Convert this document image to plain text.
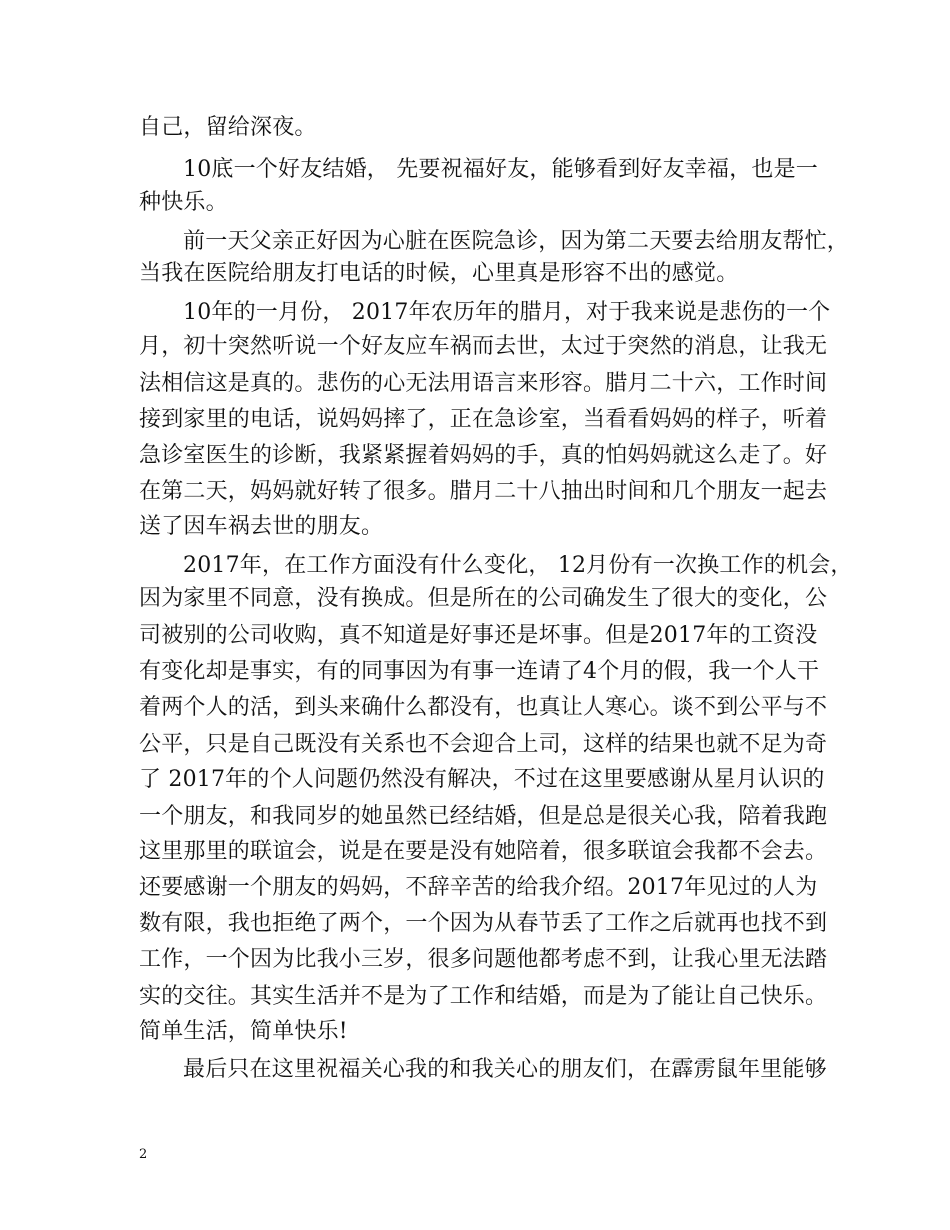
自己，留给深夜。
10底一个好友结婚， 先要祝福好友，能够看到好友幸福，也是一
种快乐。
前一天父亲正好因为心脏在医院急诊，因为第二天要去给朋友帮忙，
当我在医院给朋友打电话的时候，心里真是形容不出的感觉。
10年的一月份， 2017年农历年的腊月，对于我来说是悲伤的一个
月，初十突然听说一个好友应车祸而去世，太过于突然的消息，让我无
法相信这是真的。悲伤的心无法用语言来形容。腊月二十六，工作时间
接到家里的电话，说妈妈摔了，正在急诊室，当看看妈妈的样子，听着
急诊室医生的诊断，我紧紧握着妈妈的手，真的怕妈妈就这么走了。好
在第二天，妈妈就好转了很多。腊月二十八抽出时间和几个朋友一起去
送了因车祸去世的朋友。
2017年，在工作方面没有什么变化， 12月份有一次换工作的机会，
因为家里不同意，没有换成。但是所在的公司确发生了很大的变化，公
司被别的公司收购，真不知道是好事还是坏事。但是2017年的工资没
有变化却是事实，有的同事因为有事一连请了4个月的假，我一个人干
着两个人的活，到头来确什么都没有，也真让人寒心。谈不到公平与不
公平，只是自己既没有关系也不会迎合上司，这样的结果也就不足为奇
了 2017年的个人问题仍然没有解决，不过在这里要感谢从星月认识的
一个朋友，和我同岁的她虽然已经结婚，但是总是很关心我，陪着我跑
这里那里的联谊会，说是在要是没有她陪着，很多联谊会我都不会去。
还要感谢一个朋友的妈妈，不辞辛苦的给我介绍。2017年见过的人为
数有限，我也拒绝了两个，一个因为从春节丢了工作之后就再也找不到
工作，一个因为比我小三岁，很多问题他都考虑不到，让我心里无法踏
实的交往。其实生活并不是为了工作和结婚，而是为了能让自己快乐。
简单生活，简单快乐!
最后只在这里祝福关心我的和我关心的朋友们，在霹雳鼠年里能够
2
